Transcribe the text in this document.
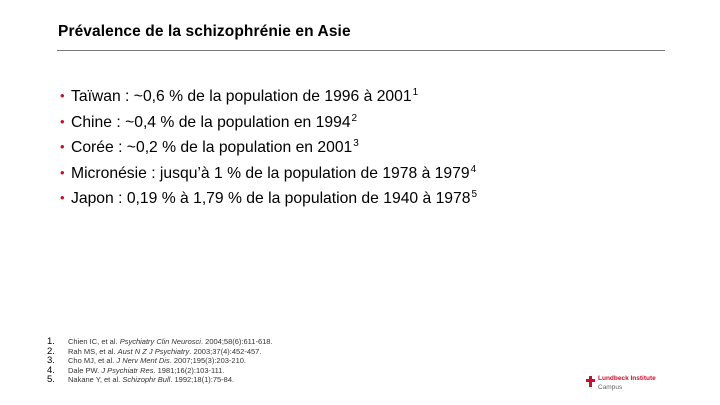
Prévalence de la schizophrénie en Asie
• Taïwan : ~0,6 % de la population de 1996 à 2001$^1$
• Chine : ~0,4 % de la population en 1994$^2$
• Corée : ~0,2 % de la population en 2001$^3$
• Micronésie : jusqu’à 1 % de la population de 1978 à 1979$^4$
• Japon : 0,19 % à 1,79 % de la population de 1940 à 1978$^5$
1. Chien IC, et al. Psychiatry Clin Neurosci. 2004;58(6):611-618.
2. Rah MS, et al. Aust N Z J Psychiatry. 2003;37(4):452-457.
3. Cho MJ, et al. J Nerv Ment Dis. 2007;195(3):203-210.
4. Dale PW. J Psychiatr Res. 1981;16(2):103-111.
5. Nakane Y, et al. Schizophr Bull. 1992;18(1):75-84.	Lundbeck Institute
Campus
